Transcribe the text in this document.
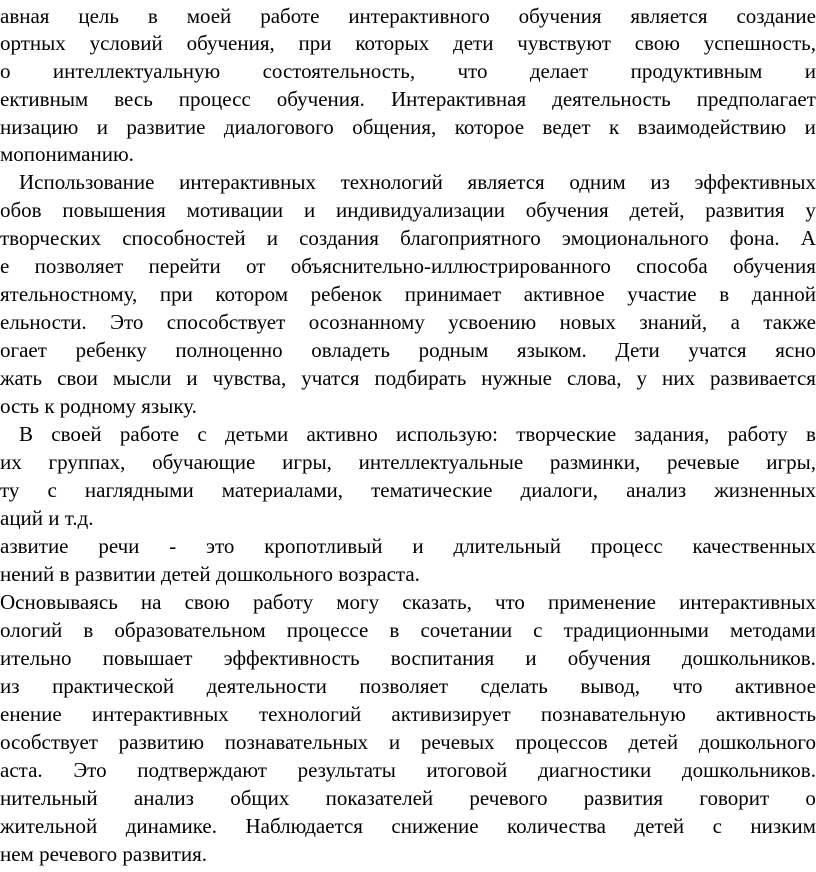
авная цель в моей работе интерактивного обучения является создание
ортных условий обучения, при которых дети чувствуют свою успешность,
о интеллектуальную состоятельность, что делает продуктивным и
ективным весь процесс обучения. Интерактивная деятельность предполагает
низацию и развитие диалогового общения, которое ведет к взаимодействию и
мопониманию.
Использование интерактивных технологий является одним из эффективных
обов повышения мотивации и индивидуализации обучения детей, развития у
творческих способностей и создания благоприятного эмоционального фона. А
е позволяет перейти от объяснительно-иллюстрированного способа обучения
ятельностному, при котором ребенок принимает активное участие в данной
ельности. Это способствует осознанному усвоению новых знаний, а также
огает ребенку полноценно овладеть родным языком. Дети учатся ясно
жать свои мысли и чувства, учатся подбирать нужные слова, у них развивается
ость к родному языку.
В своей работе с детьми активно использую: творческие задания, работу в
их группах, обучающие игры, интеллектуальные разминки, речевые игры,
ту с наглядными материалами, тематические диалоги, анализ жизненных
аций и т.д.
азвитие речи - это кропотливый и длительный процесс качественных
нений в развитии детей дошкольного возраста.
Основываясь на свою работу могу сказать, что применение интерактивных
ологий в образовательном процессе в сочетании с традиционными методами
ительно повышает эффективность воспитания и обучения дошкольников.
из практической деятельности позволяет сделать вывод, что активное
енение интерактивных технологий активизирует познавательную активность
особствует развитию познавательных и речевых процессов детей дошкольного
аста. Это подтверждают результаты итоговой диагностики дошкольников.
нительный анализ общих показателей речевого развития говорит о
жительной динамике. Наблюдается снижение количества детей с низким
нем речевого развития.
